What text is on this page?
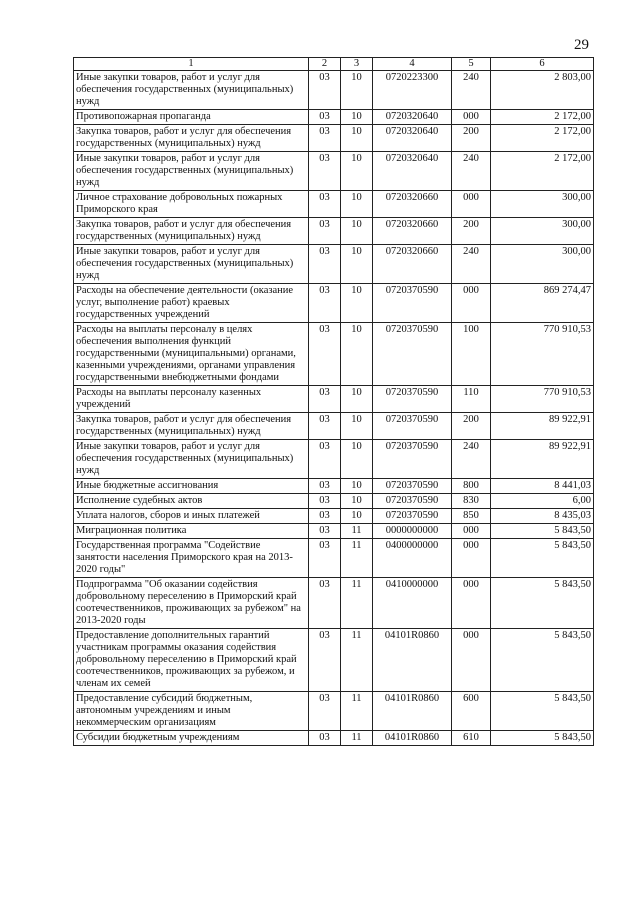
29
1	2	3	4	5	6
Иные закупки товаров, работ и услуг для обеспечения государственных (муниципальных) нужд	03	10	0720223300	240	2 803,00
Противопожарная пропаганда	03	10	0720320640	000	2 172,00
Закупка товаров, работ и услуг для обеспечения государственных (муниципальных) нужд	03	10	0720320640	200	2 172,00
Иные закупки товаров, работ и услуг для обеспечения государственных (муниципальных) нужд	03	10	0720320640	240	2 172,00
Личное страхование добровольных пожарных Приморского края	03	10	0720320660	000	300,00
Закупка товаров, работ и услуг для обеспечения государственных (муниципальных) нужд	03	10	0720320660	200	300,00
Иные закупки товаров, работ и услуг для обеспечения государственных (муниципальных) нужд	03	10	0720320660	240	300,00
Расходы на обеспечение деятельности (оказание услуг, выполнение работ) краевых государственных учреждений	03	10	0720370590	000	869 274,47
Расходы на выплаты персоналу в целях обеспечения выполнения функций государственными (муниципальными) органами, казенными учреждениями, органами управления государственными внебюджетными фондами	03	10	0720370590	100	770 910,53
Расходы на выплаты персоналу казенных учреждений	03	10	0720370590	110	770 910,53
Закупка товаров, работ и услуг для обеспечения государственных (муниципальных) нужд	03	10	0720370590	200	89 922,91
Иные закупки товаров, работ и услуг для обеспечения государственных (муниципальных) нужд	03	10	0720370590	240	89 922,91
Иные бюджетные ассигнования	03	10	0720370590	800	8 441,03
Исполнение судебных актов	03	10	0720370590	830	6,00
Уплата налогов, сборов и иных платежей	03	10	0720370590	850	8 435,03
Миграционная политика	03	11	0000000000	000	5 843,50
Государственная программа "Содействие занятости населения Приморского края на 2013-2020 годы"	03	11	0400000000	000	5 843,50
Подпрограмма "Об оказании содействия добровольному переселению в Приморский край соотечественников, проживающих за рубежом" на 2013-2020 годы	03	11	0410000000	000	5 843,50
Предоставление дополнительных гарантий участникам программы оказания содействия добровольному переселению в Приморский край соотечественников, проживающих за рубежом, и членам их семей	03	11	04101R0860	000	5 843,50
Предоставление субсидий бюджетным, автономным учреждениям и иным некоммерческим организациям	03	11	04101R0860	600	5 843,50
Субсидии бюджетным учреждениям	03	11	04101R0860	610	5 843,50
